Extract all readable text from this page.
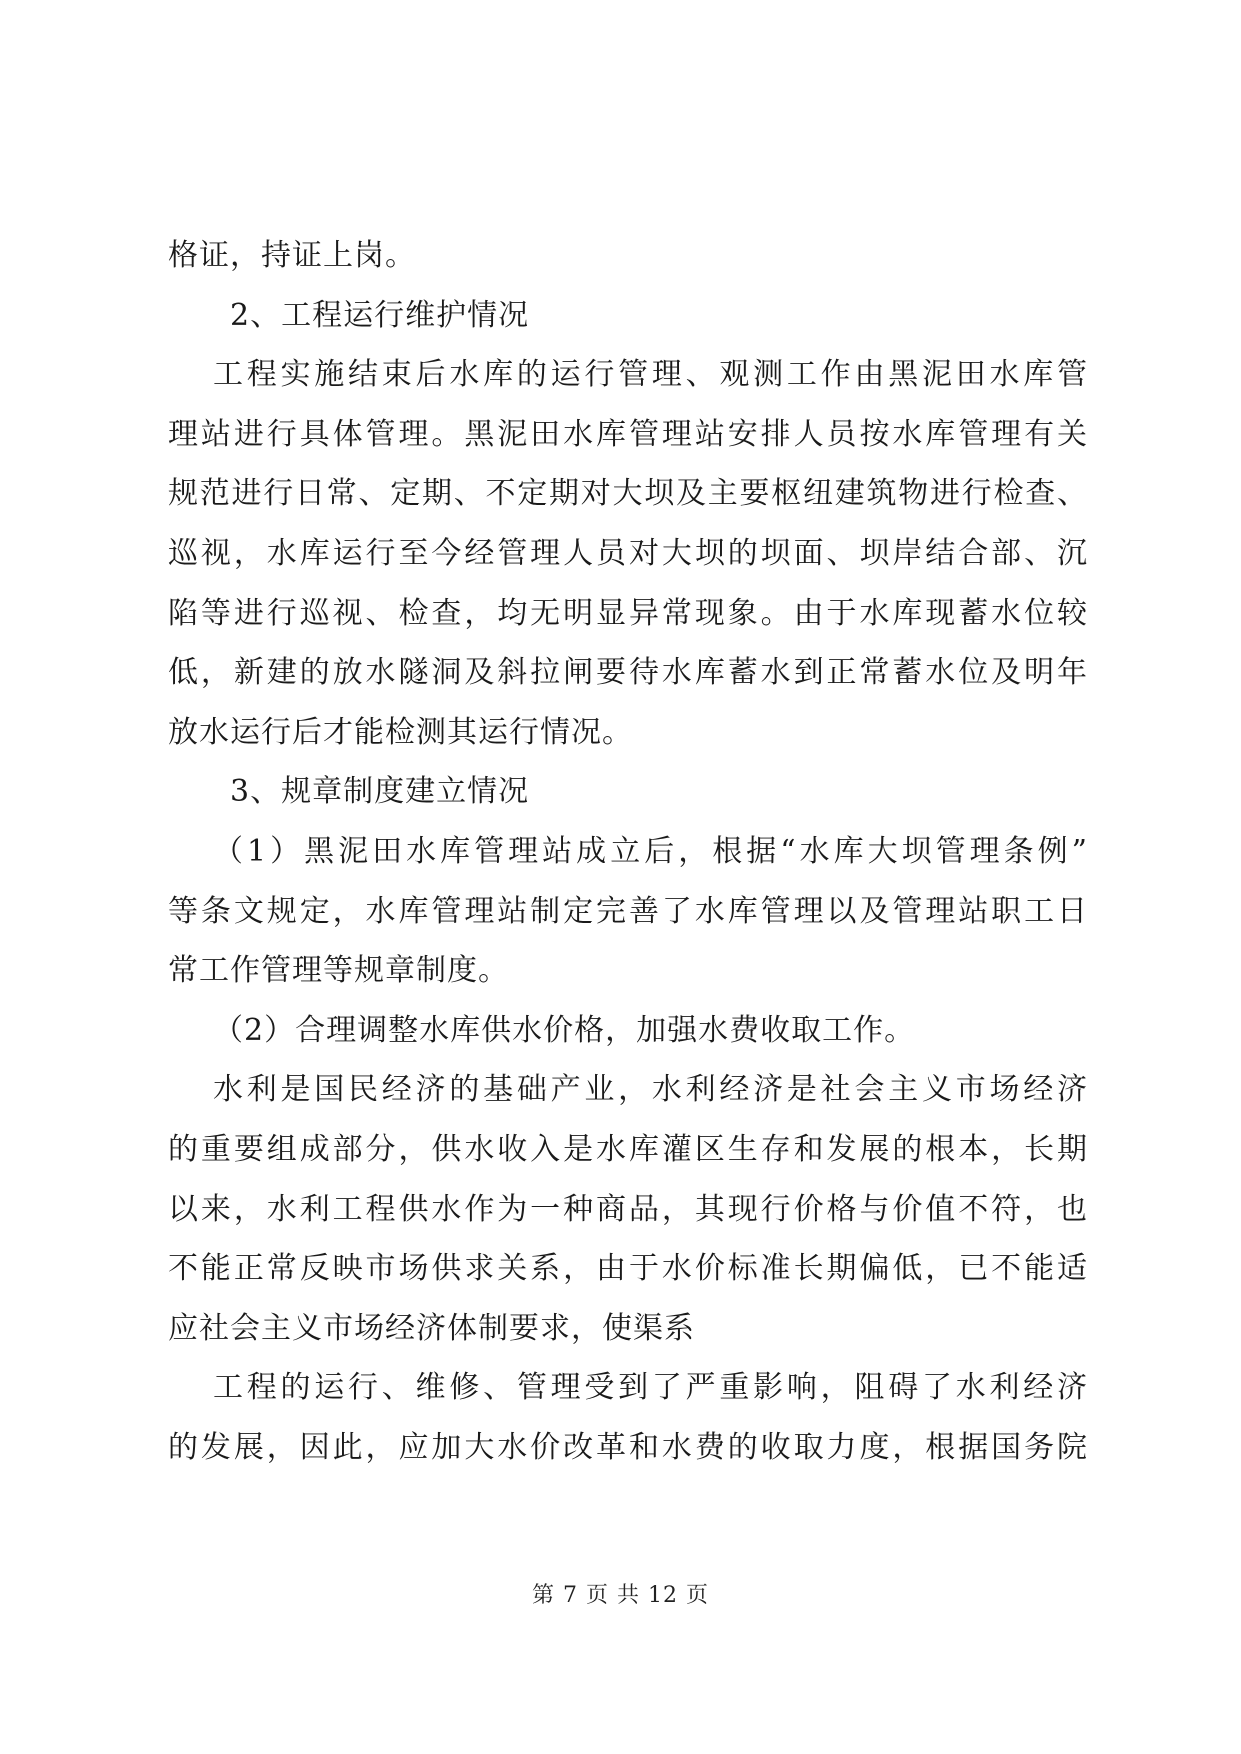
格证，持证上岗。
2、工程运行维护情况
工程实施结束后水库的运行管理、观测工作由黑泥田水库管
理站进行具体管理。黑泥田水库管理站安排人员按水库管理有关
规范进行日常、定期、不定期对大坝及主要枢纽建筑物进行检查、
巡视，水库运行至今经管理人员对大坝的坝面、坝岸结合部、沉
陷等进行巡视、检查，均无明显异常现象。由于水库现蓄水位较
低，新建的放水隧洞及斜拉闸要待水库蓄水到正常蓄水位及明年
放水运行后才能检测其运行情况。
3、规章制度建立情况
（1）黑泥田水库管理站成立后，根据“水库大坝管理条例”
等条文规定，水库管理站制定完善了水库管理以及管理站职工日
常工作管理等规章制度。
（2）合理调整水库供水价格，加强水费收取工作。
水利是国民经济的基础产业，水利经济是社会主义市场经济
的重要组成部分，供水收入是水库灌区生存和发展的根本，长期
以来，水利工程供水作为一种商品，其现行价格与价值不符，也
不能正常反映市场供求关系，由于水价标准长期偏低，已不能适
应社会主义市场经济体制要求，使渠系
工程的运行、维修、管理受到了严重影响，阻碍了水利经济
的发展，因此，应加大水价改革和水费的收取力度，根据国务院
第 7 页 共 12 页
